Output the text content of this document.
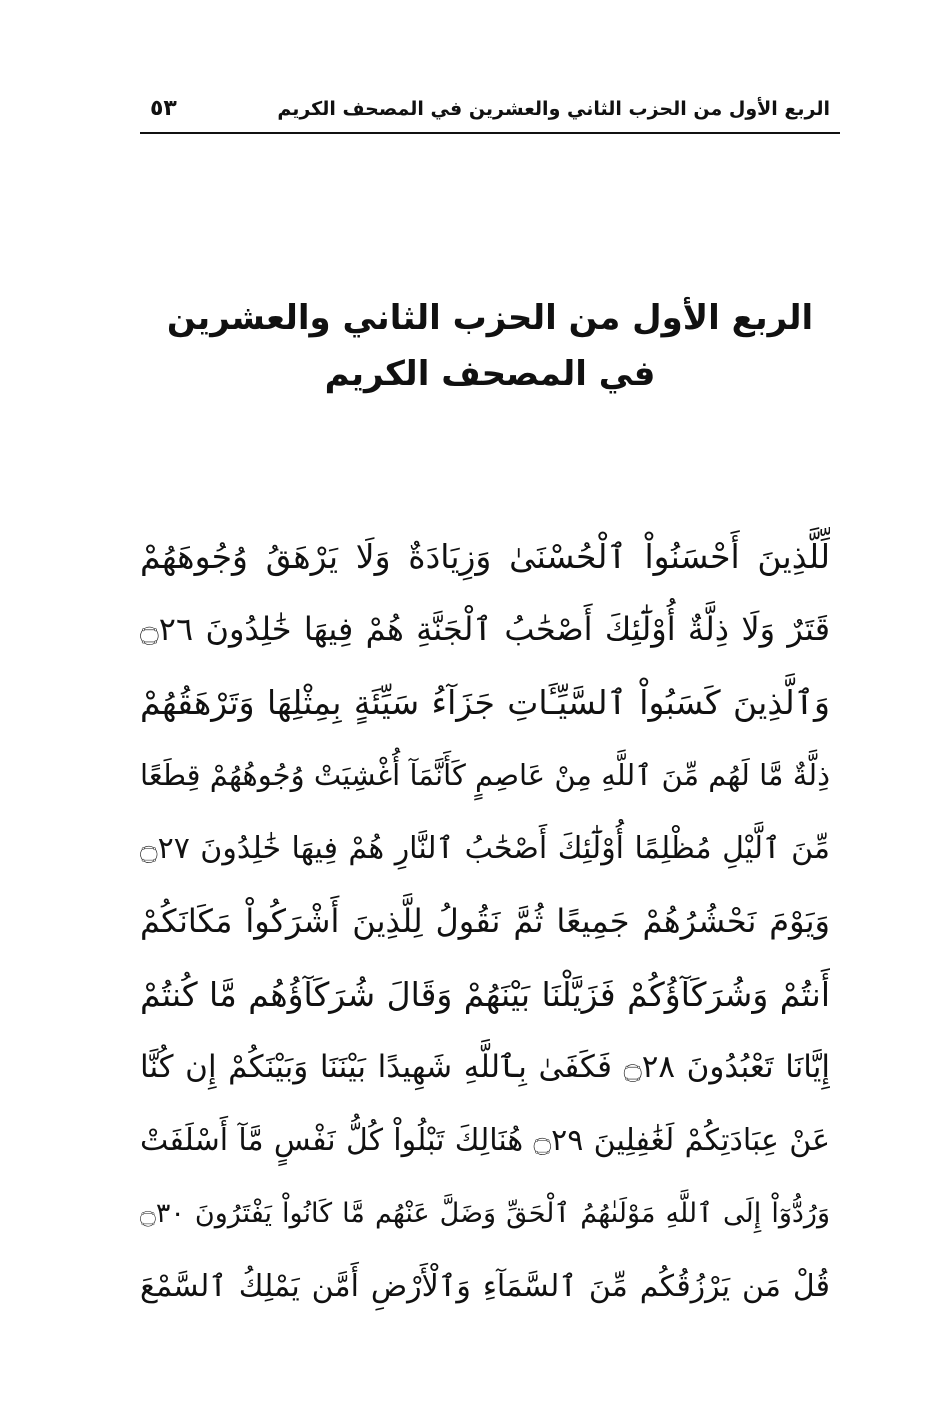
الربع الأول من الحزب الثاني والعشرين في المصحف الكريم
٥٣
الربع الأول من الحزب الثاني والعشرين
في المصحف الكريم
لِّلَّذِينَ أَحْسَنُواْ ٱلْحُسْنَىٰ وَزِيَادَةٌ وَلَا يَرْهَقُ وُجُوهَهُمْ
قَتَرٌ وَلَا ذِلَّةٌ أُوْلَٰٓئِكَ أَصْحَٰبُ ٱلْجَنَّةِ هُمْ فِيهَا خَٰلِدُونَ ۝٢٦
وَٱلَّذِينَ كَسَبُواْ ٱلسَّيِّـَٔاتِ جَزَآءُ سَيِّئَةٍ بِمِثْلِهَا وَتَرْهَقُهُمْ
ذِلَّةٌ مَّا لَهُم مِّنَ ٱللَّهِ مِنْ عَاصِمٍ كَأَنَّمَآ أُغْشِيَتْ وُجُوهُهُمْ قِطَعًا
مِّنَ ٱلَّيْلِ مُظْلِمًا أُوْلَٰٓئِكَ أَصْحَٰبُ ٱلنَّارِ هُمْ فِيهَا خَٰلِدُونَ ۝٢٧
وَيَوْمَ نَحْشُرُهُمْ جَمِيعًا ثُمَّ نَقُولُ لِلَّذِينَ أَشْرَكُواْ مَكَانَكُمْ
أَنتُمْ وَشُرَكَآؤُكُمْ فَزَيَّلْنَا بَيْنَهُمْ وَقَالَ شُرَكَآؤُهُم مَّا كُنتُمْ
إِيَّانَا تَعْبُدُونَ ۝٢٨ فَكَفَىٰ بِٱللَّهِ شَهِيدًا بَيْنَنَا وَبَيْنَكُمْ إِن كُنَّا
عَنْ عِبَادَتِكُمْ لَغَٰفِلِينَ ۝٢٩ هُنَالِكَ تَبْلُواْ كُلُّ نَفْسٍ مَّآ أَسْلَفَتْ
وَرُدُّوٓاْ إِلَى ٱللَّهِ مَوْلَىٰهُمُ ٱلْحَقِّ وَضَلَّ عَنْهُم مَّا كَانُواْ يَفْتَرُونَ ۝٣٠
قُلْ مَن يَرْزُقُكُم مِّنَ ٱلسَّمَآءِ وَٱلْأَرْضِ أَمَّن يَمْلِكُ ٱلسَّمْعَ
